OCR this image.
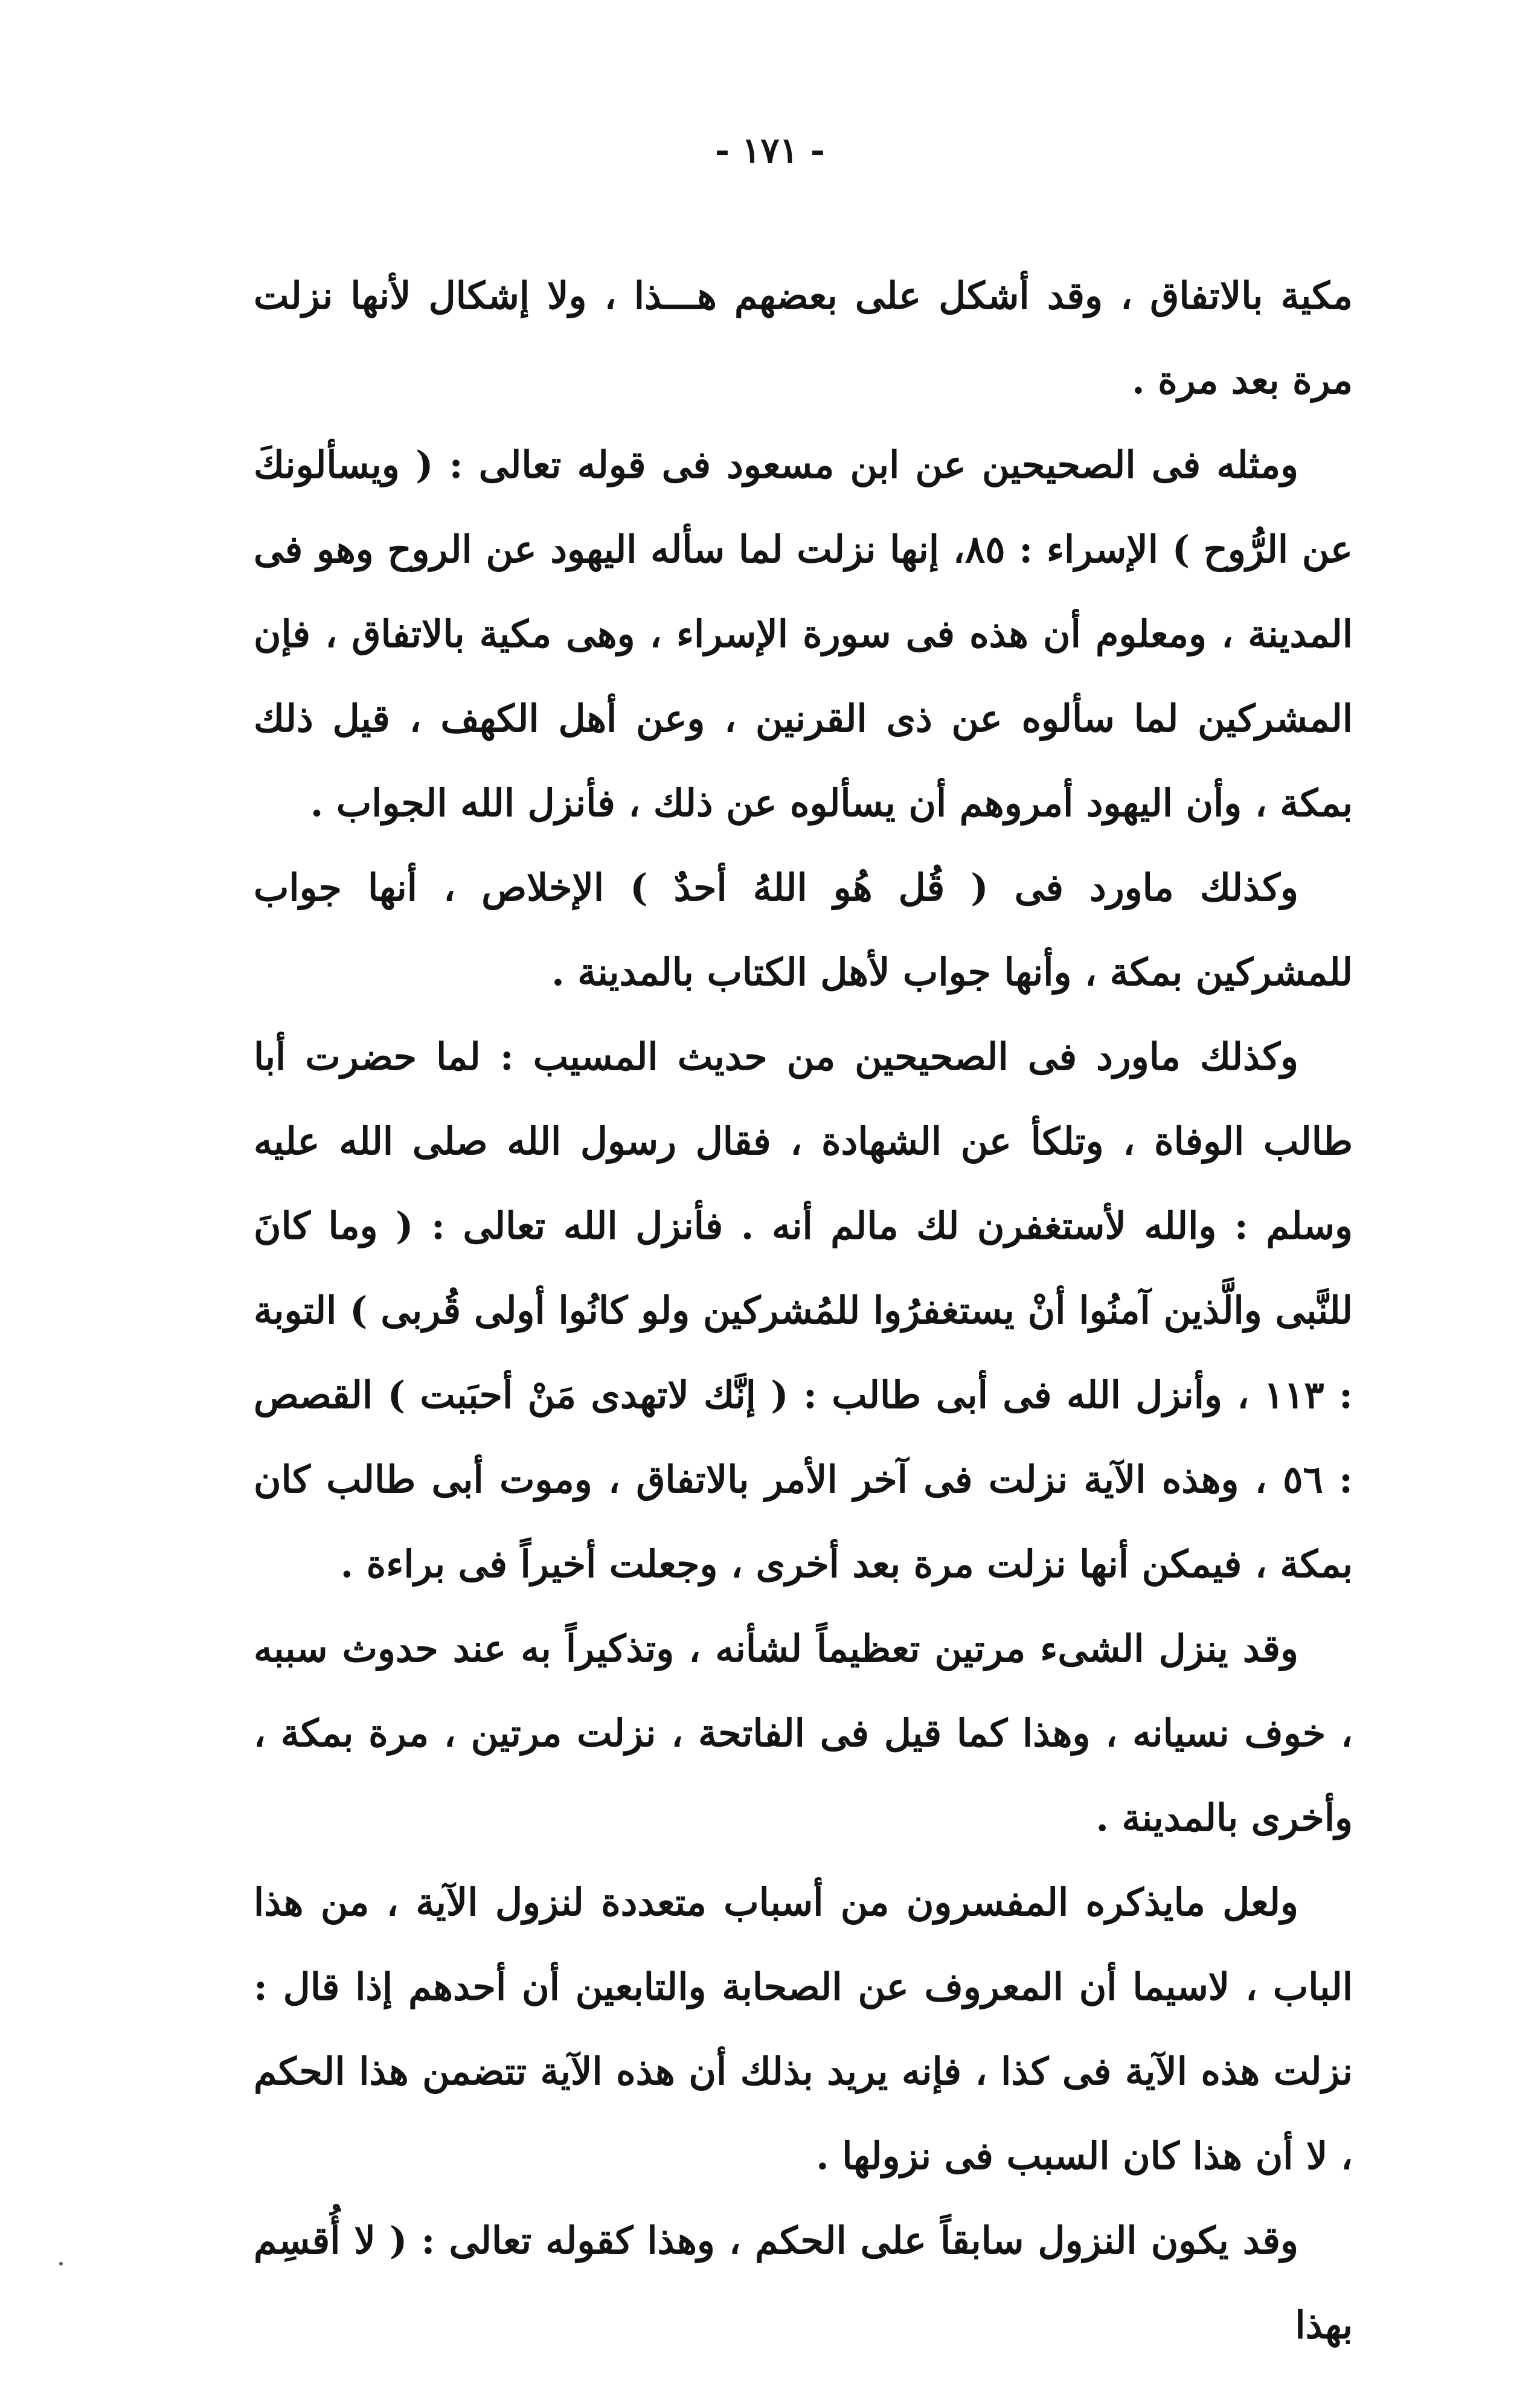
- ١٧١ -

مكية بالاتفاق ، وقد أشكل على بعضهم هـــذا ، ولا إشكال لأنها نزلت مرة بعد مرة .

ومثله فى الصحيحين عن ابن مسعود فى قوله تعالى : ( ويسألونكَ عن الرُّوح ) الإسراء : ٨٥، إنها نزلت لما سأله اليهود عن الروح وهو فى المدينة ، ومعلوم أن هذه فى سورة الإسراء ، وهى مكية بالاتفاق ، فإن المشركين لما سألوه عن ذى القرنين ، وعن أهل الكهف ، قيل ذلك بمكة ، وأن اليهود أمروهم أن يسألوه عن ذلك ، فأنزل الله الجواب .

وكذلك ماورد فى ( قُل هُو اللهُ أحدٌ ) الإخلاص ، أنها جواب للمشركين بمكة ، وأنها جواب لأهل الكتاب بالمدينة .

وكذلك ماورد فى الصحيحين من حديث المسيب : لما حضرت أبا طالب الوفاة ، وتلكأ عن الشهادة ، فقال رسول الله صلى الله عليه وسلم : والله لأستغفرن لك مالم أنه . فأنزل الله تعالى : ( وما كانَ للنَّبى والَّذين آمنُوا أنْ يستغفرُوا للمُشركين ولو كانُوا أولى قُربى ) التوبة : ١١٣ ، وأنزل الله فى أبى طالب : ( إنَّك لاتهدى مَنْ أحبَبت ) القصص : ٥٦ ، وهذه الآية نزلت فى آخر الأمر بالاتفاق ، وموت أبى طالب كان بمكة ، فيمكن أنها نزلت مرة بعد أخرى ، وجعلت أخيراً فى براءة .

وقد ينزل الشىء مرتين تعظيماً لشأنه ، وتذكيراً به عند حدوث سببه ، خوف نسيانه ، وهذا كما قيل فى الفاتحة ، نزلت مرتين ، مرة بمكة ، وأخرى بالمدينة .

ولعل مايذكره المفسرون من أسباب متعددة لنزول الآية ، من هذا الباب ، لاسيما أن المعروف عن الصحابة والتابعين أن أحدهم إذا قال : نزلت هذه الآية فى كذا ، فإنه يريد بذلك أن هذه الآية تتضمن هذا الحكم ، لا أن هذا كان السبب فى نزولها .

وقد يكون النزول سابقاً على الحكم ، وهذا كقوله تعالى : ( لا أُقسِم بهذا
